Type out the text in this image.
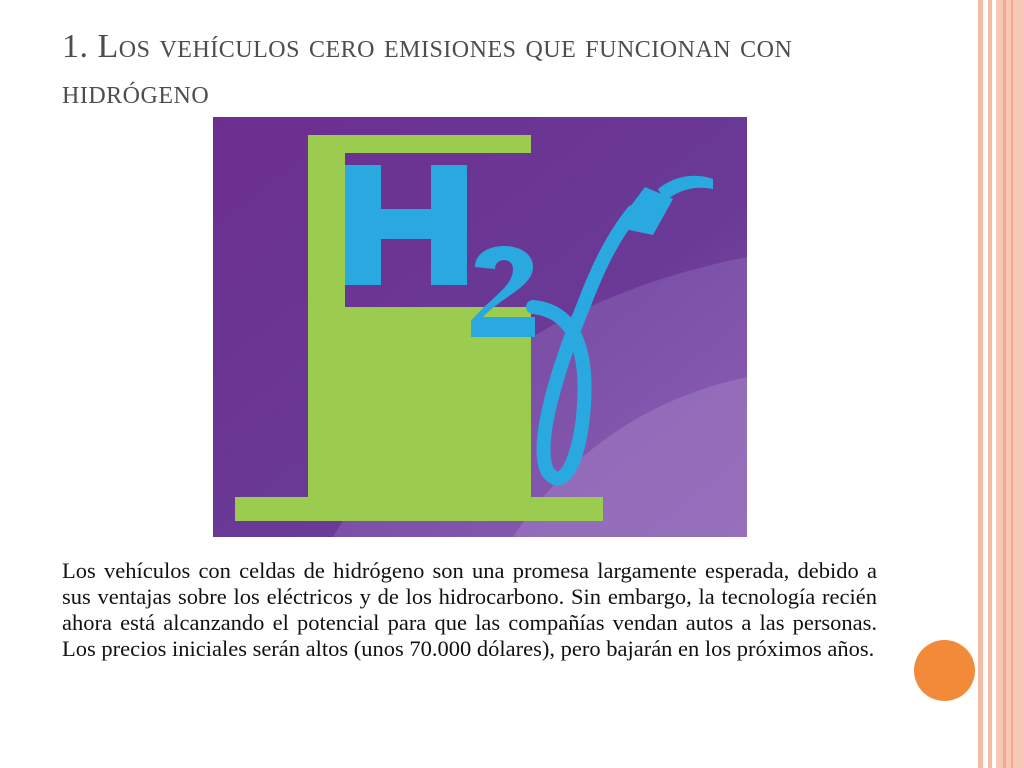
1. Los vehículos cero emisiones que funcionan con hidrógeno

Los vehículos con celdas de hidrógeno son una promesa largamente esperada, debido a sus ventajas sobre los eléctricos y de los hidrocarbono. Sin embargo, la tecnología recién ahora está alcanzando el potencial para que las compañías vendan autos a las personas. Los precios iniciales serán altos (unos 70.000 dólares), pero bajarán en los próximos años.
